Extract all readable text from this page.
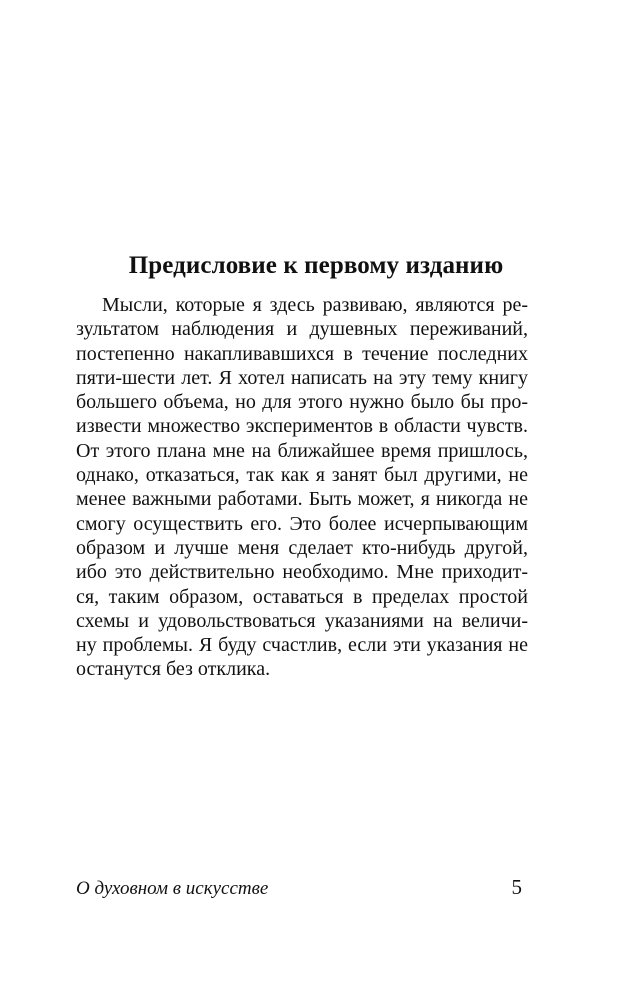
Предисловие к первому изданию
Мысли, которые я здесь развиваю, являются ре-
зультатом наблюдения и душевных переживаний,
постепенно накапливавшихся в течение последних
пяти-шести лет. Я хотел написать на эту тему книгу
большего объема, но для этого нужно было бы про-
извести множество экспериментов в области чувств.
От этого плана мне на ближайшее время пришлось,
однако, отказаться, так как я занят был другими, не
менее важными работами. Быть может, я никогда не
смогу осуществить его. Это более исчерпывающим
образом и лучше меня сделает кто-нибудь другой,
ибо это действительно необходимо. Мне приходит-
ся, таким образом, оставаться в пределах простой
схемы и удовольствоваться указаниями на величи-
ну проблемы. Я буду счастлив, если эти указания не
останутся без отклика.

О духовном в искусстве	5
